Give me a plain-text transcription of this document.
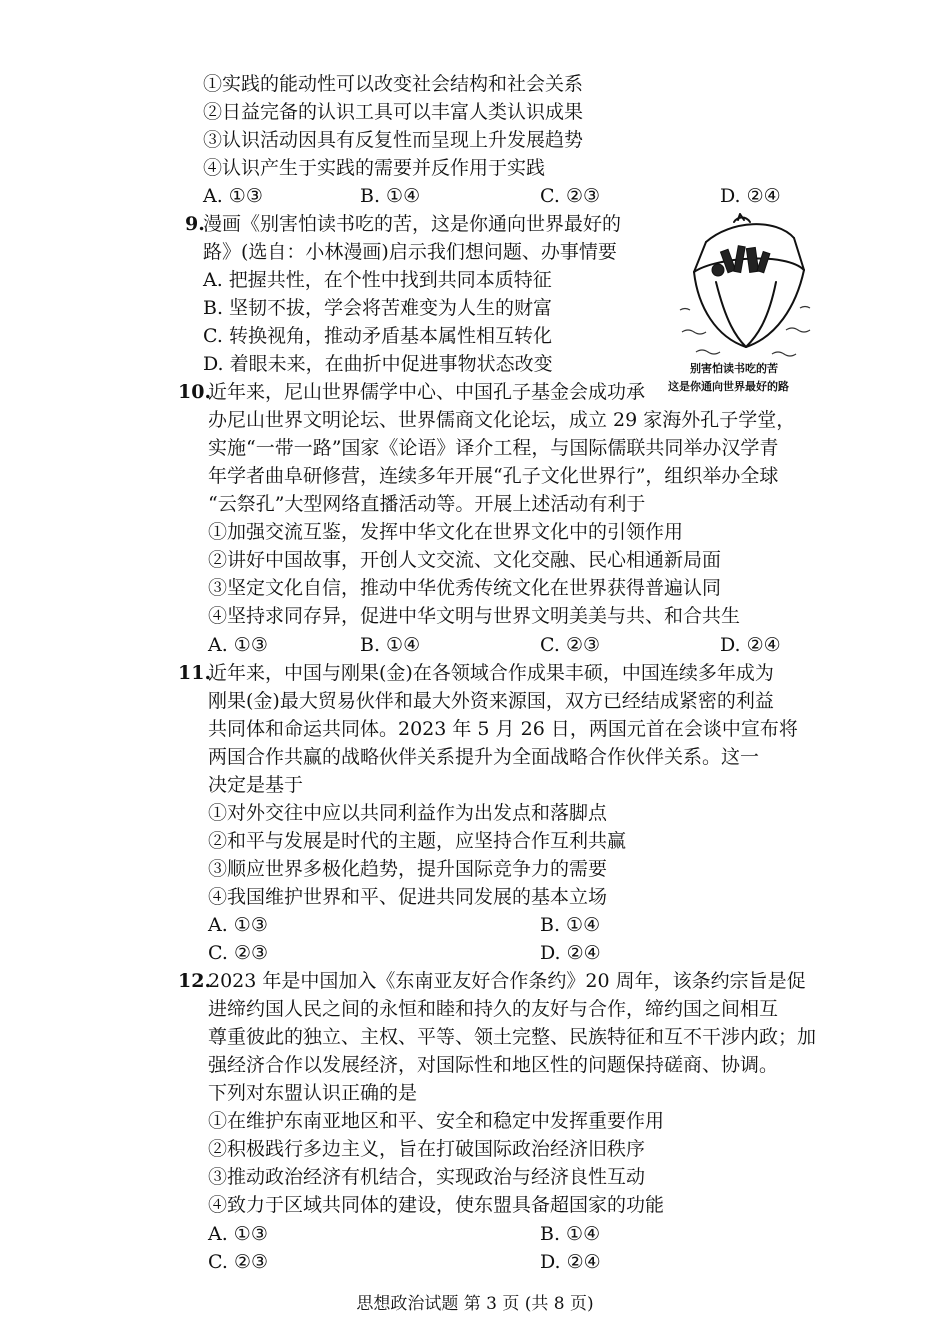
①实践的能动性可以改变社会结构和社会关系
②日益完备的认识工具可以丰富人类认识成果
③认识活动因具有反复性而呈现上升发展趋势
④认识产生于实践的需要并反作用于实践
A. ①③	B. ①④	C. ②③	D. ②④
9.
漫画《别害怕读书吃的苦，这是你通向世界最好的
路》(选自：小林漫画)启示我们想问题、办事情要
A. 把握共性，在个性中找到共同本质特征
B. 坚韧不拔，学会将苦难变为人生的财富
C. 转换视角，推动矛盾基本属性相互转化
D. 着眼未来，在曲折中促进事物状态改变	别害怕读书吃的苦
这是你通向世界最好的路
10.
近年来，尼山世界儒学中心、中国孔子基金会成功承
办尼山世界文明论坛、世界儒商文化论坛，成立 29 家海外孔子学堂，
实施“一带一路”国家《论语》译介工程，与国际儒联共同举办汉学青
年学者曲阜研修营，连续多年开展“孔子文化世界行”，组织举办全球
“云祭孔”大型网络直播活动等。开展上述活动有利于
①加强交流互鉴，发挥中华文化在世界文化中的引领作用
②讲好中国故事，开创人文交流、文化交融、民心相通新局面
③坚定文化自信，推动中华优秀传统文化在世界获得普遍认同
④坚持求同存异，促进中华文明与世界文明美美与共、和合共生
A. ①③	B. ①④	C. ②③	D. ②④
11.
近年来，中国与刚果(金)在各领域合作成果丰硕，中国连续多年成为
刚果(金)最大贸易伙伴和最大外资来源国，双方已经结成紧密的利益
共同体和命运共同体。2023 年 5 月 26 日，两国元首在会谈中宣布将
两国合作共赢的战略伙伴关系提升为全面战略合作伙伴关系。这一
决定是基于
①对外交往中应以共同利益作为出发点和落脚点
②和平与发展是时代的主题，应坚持合作互利共赢
③顺应世界多极化趋势，提升国际竞争力的需要
④我国维护世界和平、促进共同发展的基本立场
A. ①③	B. ①④
C. ②③	D. ②④
12.
2023 年是中国加入《东南亚友好合作条约》20 周年，该条约宗旨是促
进缔约国人民之间的永恒和睦和持久的友好与合作，缔约国之间相互
尊重彼此的独立、主权、平等、领土完整、民族特征和互不干涉内政；加
强经济合作以发展经济，对国际性和地区性的问题保持磋商、协调。
下列对东盟认识正确的是
①在维护东南亚地区和平、安全和稳定中发挥重要作用
②积极践行多边主义，旨在打破国际政治经济旧秩序
③推动政治经济有机结合，实现政治与经济良性互动
④致力于区域共同体的建设，使东盟具备超国家的功能
A. ①③	B. ①④
C. ②③	D. ②④
思想政治试题 第 3 页 (共 8 页)
